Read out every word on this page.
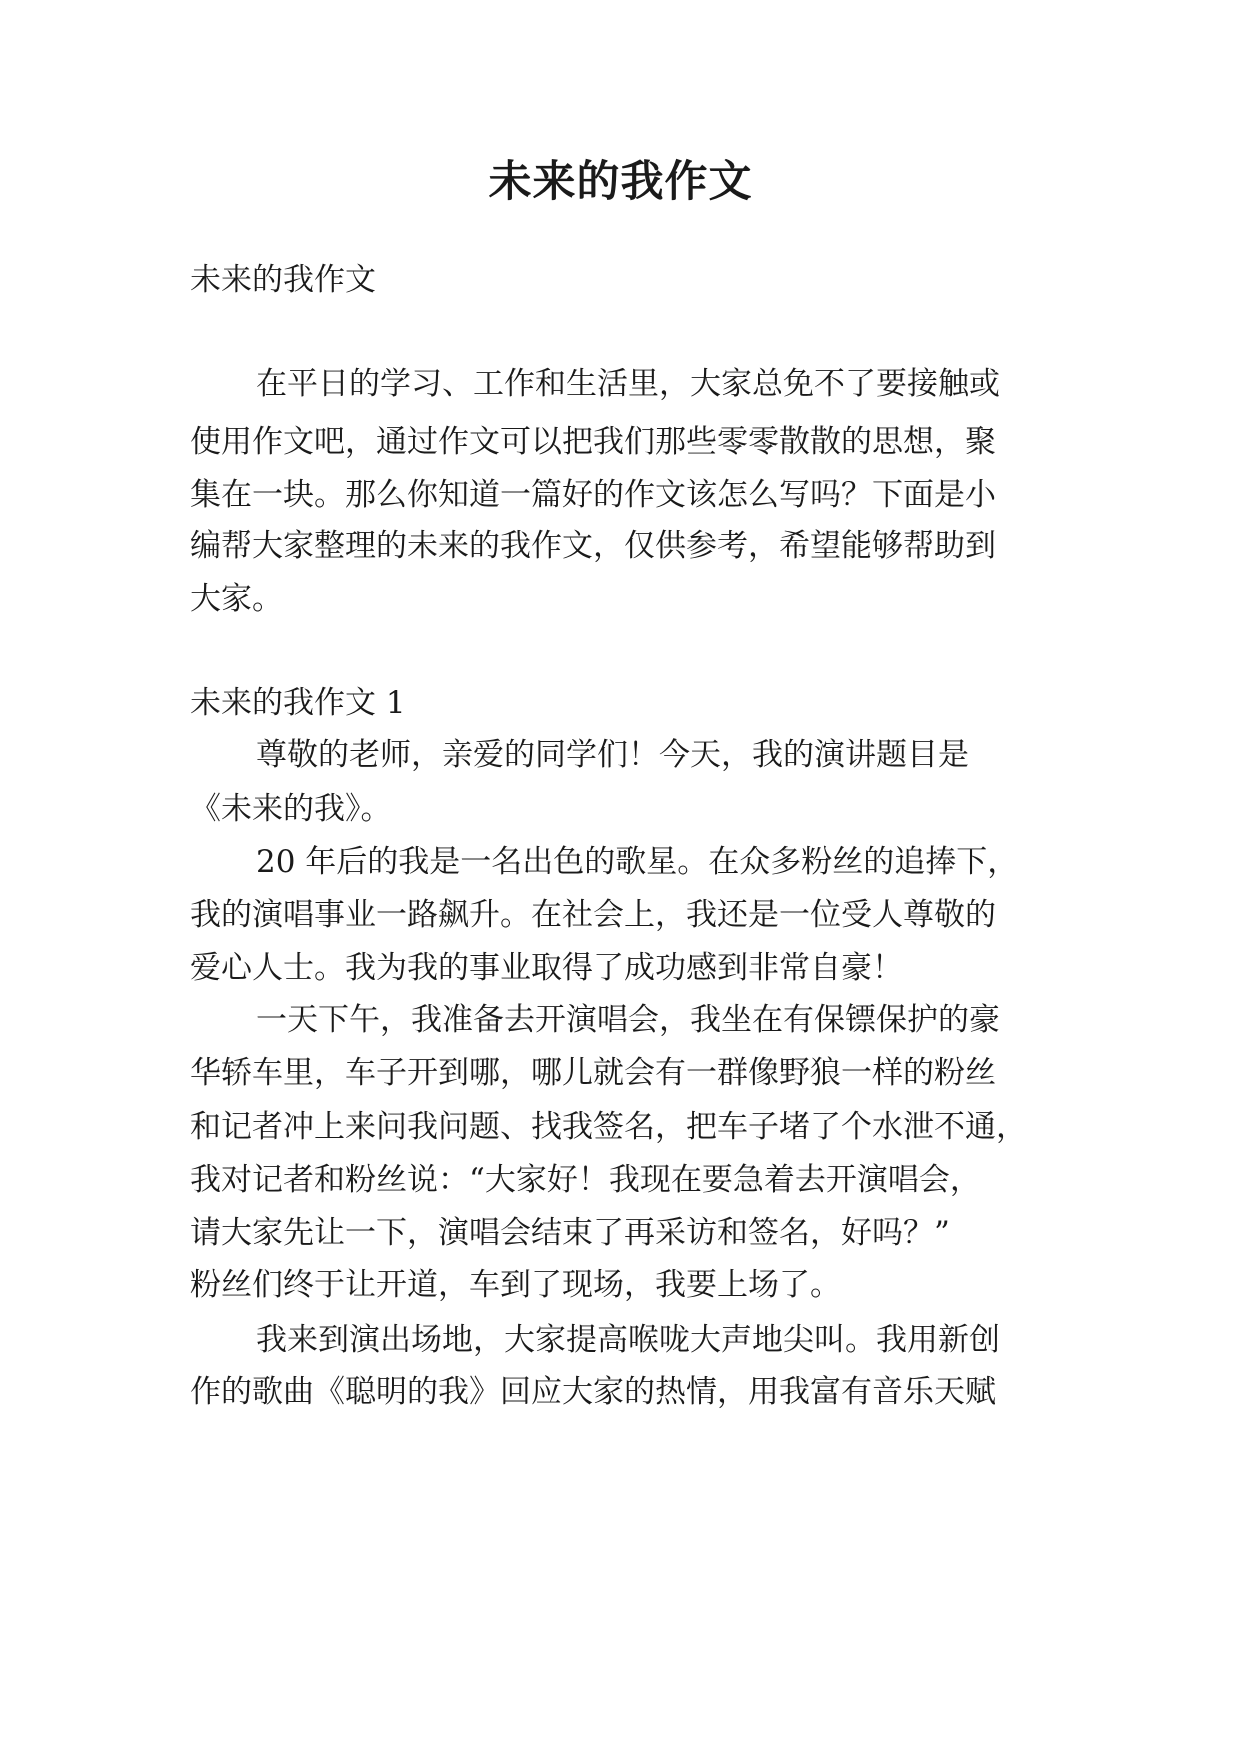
未来的我作文
未来的我作文
在平日的学习、工作和生活里，大家总免不了要接触或
使用作文吧，通过作文可以把我们那些零零散散的思想，聚
集在一块。那么你知道一篇好的作文该怎么写吗？下面是小
编帮大家整理的未来的我作文，仅供参考，希望能够帮助到
大家。
未来的我作文 1
尊敬的老师，亲爱的同学们！今天，我的演讲题目是
《未来的我》。
20 年后的我是一名出色的歌星。在众多粉丝的追捧下，
我的演唱事业一路飙升。在社会上，我还是一位受人尊敬的
爱心人士。我为我的事业取得了成功感到非常自豪！
一天下午，我准备去开演唱会，我坐在有保镖保护的豪
华轿车里，车子开到哪，哪儿就会有一群像野狼一样的粉丝
和记者冲上来问我问题、找我签名，把车子堵了个水泄不通，
我对记者和粉丝说：“大家好！我现在要急着去开演唱会，
请大家先让一下，演唱会结束了再采访和签名，好吗？”
粉丝们终于让开道，车到了现场，我要上场了。
我来到演出场地，大家提高喉咙大声地尖叫。我用新创
作的歌曲《聪明的我》回应大家的热情，用我富有音乐天赋
